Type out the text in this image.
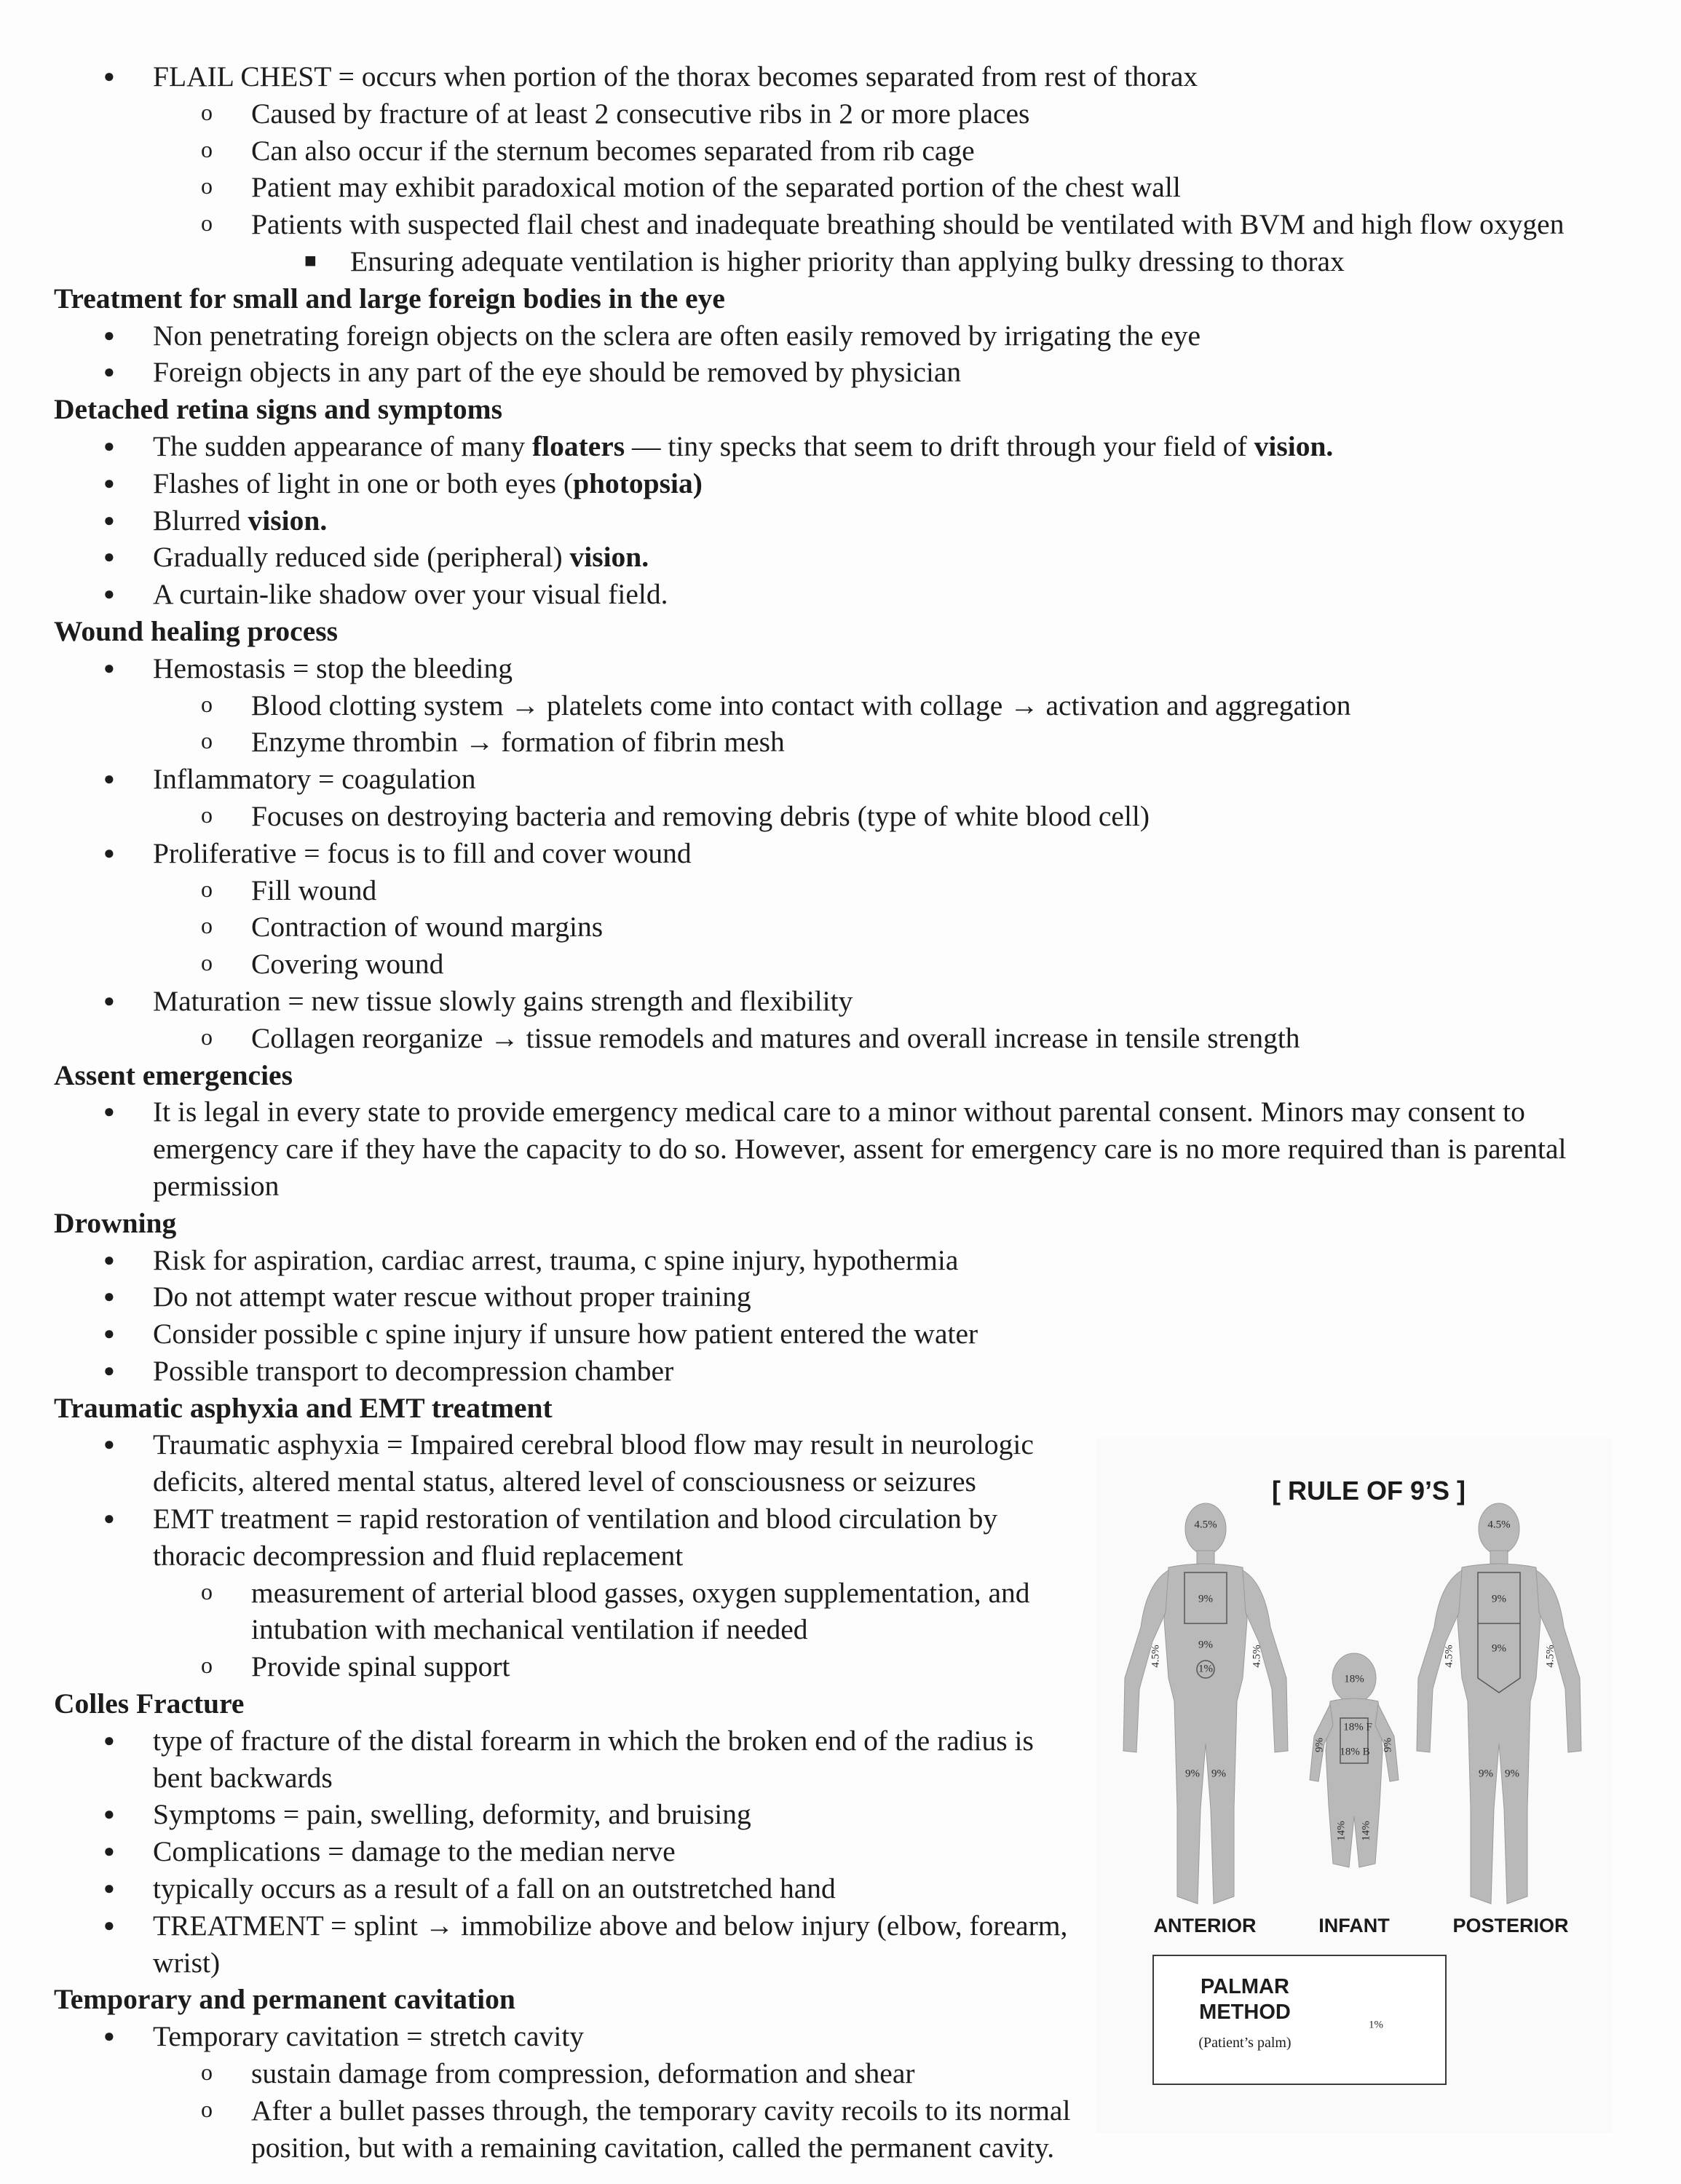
● FLAIL CHEST = occurs when portion of the thorax becomes separated from rest of thorax
o Caused by fracture of at least 2 consecutive ribs in 2 or more places
o Can also occur if the sternum becomes separated from rib cage
o Patient may exhibit paradoxical motion of the separated portion of the chest wall
o Patients with suspected flail chest and inadequate breathing should be ventilated with BVM and high flow oxygen
■ Ensuring adequate ventilation is higher priority than applying bulky dressing to thorax
Treatment for small and large foreign bodies in the eye
● Non penetrating foreign objects on the sclera are often easily removed by irrigating the eye
● Foreign objects in any part of the eye should be removed by physician
Detached retina signs and symptoms
● The sudden appearance of many floaters — tiny specks that seem to drift through your field of vision.
● Flashes of light in one or both eyes (photopsia)
● Blurred vision.
● Gradually reduced side (peripheral) vision.
● A curtain-like shadow over your visual field.
Wound healing process
● Hemostasis = stop the bleeding
o Blood clotting system → platelets come into contact with collage → activation and aggregation
o Enzyme thrombin → formation of fibrin mesh
● Inflammatory = coagulation
o Focuses on destroying bacteria and removing debris (type of white blood cell)
● Proliferative = focus is to fill and cover wound
o Fill wound
o Contraction of wound margins
o Covering wound
● Maturation = new tissue slowly gains strength and flexibility
o Collagen reorganize → tissue remodels and matures and overall increase in tensile strength
Assent emergencies
● It is legal in every state to provide emergency medical care to a minor without parental consent. Minors may consent to emergency care if they have the capacity to do so. However, assent for emergency care is no more required than is parental permission
Drowning
● Risk for aspiration, cardiac arrest, trauma, c spine injury, hypothermia
● Do not attempt water rescue without proper training
● Consider possible c spine injury if unsure how patient entered the water
● Possible transport to decompression chamber
Traumatic asphyxia and EMT treatment
● Traumatic asphyxia = Impaired cerebral blood flow may result in neurologic deficits, altered mental status, altered level of consciousness or seizures
● EMT treatment = rapid restoration of ventilation and blood circulation by thoracic decompression and fluid replacement
o measurement of arterial blood gasses, oxygen supplementation, and intubation with mechanical ventilation if needed
o Provide spinal support
Colles Fracture
● type of fracture of the distal forearm in which the broken end of the radius is bent backwards
● Symptoms = pain, swelling, deformity, and bruising
● Complications = damage to the median nerve
● typically occurs as a result of a fall on an outstretched hand
● TREATMENT = splint → immobilize above and below injury (elbow, forearm, wrist)
Temporary and permanent cavitation
● Temporary cavitation = stretch cavity
o sustain damage from compression, deformation and shear
o After a bullet passes through, the temporary cavity recoils to its normal position, but with a remaining cavitation, called the permanent cavity.
[ RULE OF 9’S ]
4.5%
9%
9%
1%
4.5%	4.5%
9% 9%
18%
18% F
18% B
9%	9%
14% 14%
4.5%
9%
9%
4.5%	4.5%
9% 9%
ANTERIOR	INFANT	POSTERIOR
PALMAR
METHOD
(Patient’s palm)
1%
